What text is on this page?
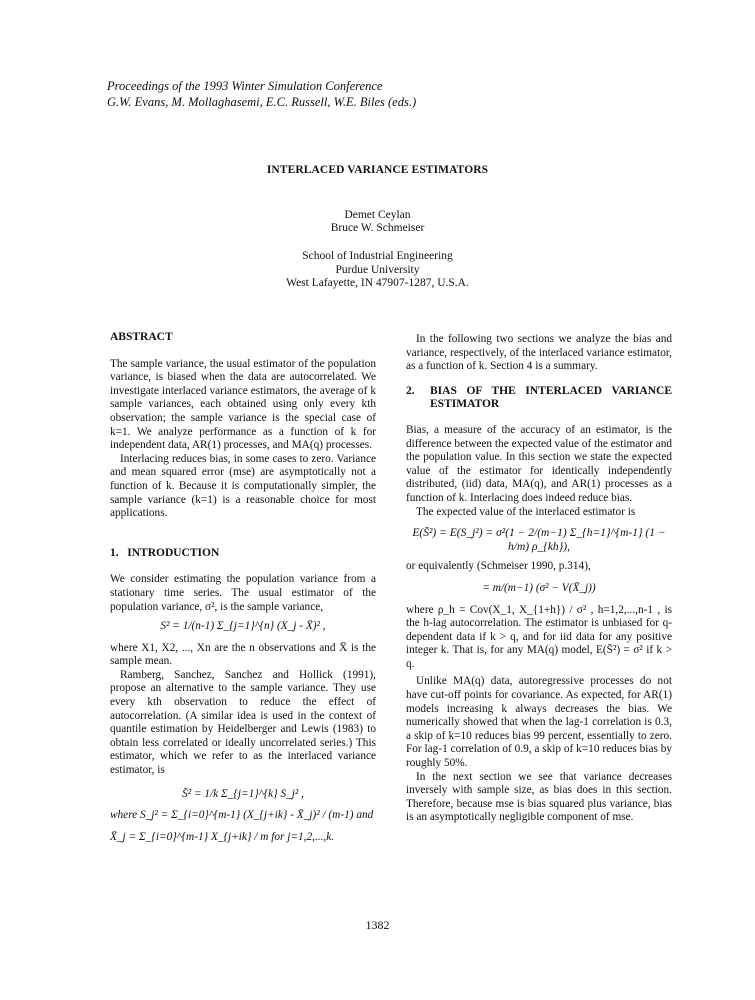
Proceedings of the 1993 Winter Simulation Conference
G.W. Evans, M. Mollaghasemi, E.C. Russell, W.E. Biles (eds.)
INTERLACED VARIANCE ESTIMATORS
Demet Ceylan
Bruce W. Schmeiser
School of Industrial Engineering
Purdue University
West Lafayette, IN 47907-1287, U.S.A.
ABSTRACT

The sample variance, the usual estimator of the population variance, is biased when the data are autocorrelated. We investigate interlaced variance estimators, the average of k sample variances, each obtained using only every kth observation; the sample variance is the special case of k=1. We analyze performance as a function of k for independent data, AR(1) processes, and MA(q) processes.

Interlacing reduces bias, in some cases to zero. Variance and mean squared error (mse) are asymptotically not a function of k. Because it is computationally simpler, the sample variance (k=1) is a reasonable choice for most applications.

1.   INTRODUCTION

We consider estimating the population variance from a stationary time series. The usual estimator of the population variance, σ², is the sample variance,

S² = 1/(n-1) Σ_{j=1}^{n} (X_j - X̄)² ,

where X1, X2, ..., Xn are the n observations and X̄ is the sample mean.

Ramberg, Sanchez, Sanchez and Hollick (1991), propose an alternative to the sample variance. They use every kth observation to reduce the effect of autocorrelation. (A similar idea is used in the context of quantile estimation by Heidelberger and Lewis (1983) to obtain less correlated or ideally uncorrelated series.) This estimator, which we refer to as the interlaced variance estimator, is

S̄² = 1/k Σ_{j=1}^{k} S_j² ,
where S_j² = Σ_{i=0}^{m-1} (X_{j+ik} - X̄_j)² / (m-1) and
X̄_j = Σ_{i=0}^{m-1} X_{j+ik} / m for j=1,2,...,k.

In the following two sections we analyze the bias and variance, respectively, of the interlaced variance estimator, as a function of k. Section 4 is a summary.

2.	BIAS OF THE INTERLACED VARIANCE ESTIMATOR

Bias, a measure of the accuracy of an estimator, is the difference between the expected value of the estimator and the population value. In this section we state the expected value of the estimator for identically independently distributed, (iid) data, MA(q), and AR(1) processes as a function of k. Interlacing does indeed reduce bias.

The expected value of the interlaced estimator is

E(S̄²) = E(S_j²) = σ²(1 − 2/(m−1) Σ_{h=1}^{m-1} (1 − h/m) ρ_{kh}),

or equivalently (Schmeiser 1990, p.314),

= m/(m−1) (σ² − V(X̄_j))

where ρ_h = Cov(X_1, X_{1+h}) / σ² , h=1,2,...,n-1 , is the h-lag autocorrelation. The estimator is unbiased for q-dependent data if k > q, and for iid data for any positive integer k. That is, for any MA(q) model, E(S̄²) = σ² if k > q.

Unlike MA(q) data, autoregressive processes do not have cut-off points for covariance. As expected, for AR(1) models increasing k always decreases the bias. We numerically showed that when the lag-1 correlation is 0.3, a skip of k=10 reduces bias 99 percent, essentially to zero. For lag-1 correlation of 0.9, a skip of k=10 reduces bias by roughly 50%.

In the next section we see that variance decreases inversely with sample size, as bias does in this section. Therefore, because mse is bias squared plus variance, bias is an asymptotically negligible component of mse.

1382
